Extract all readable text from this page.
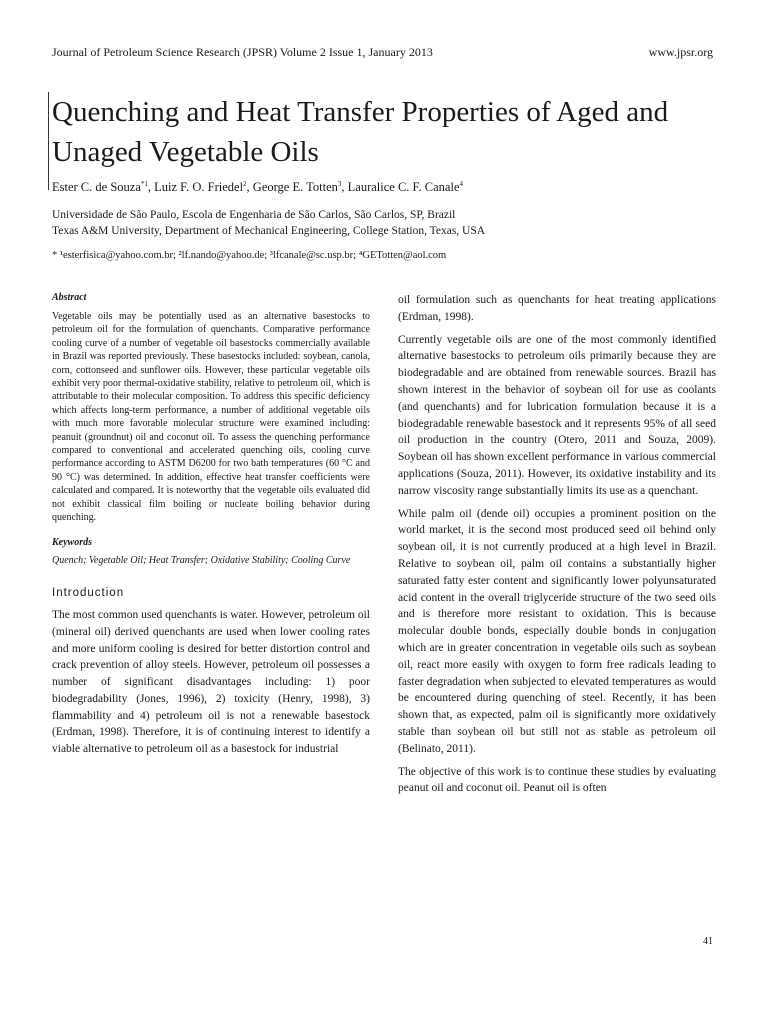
Journal of Petroleum Science Research (JPSR) Volume 2 Issue 1, January 2013	www.jpsr.org
Quenching and Heat Transfer Properties of Aged and Unaged Vegetable Oils
Ester C. de Souza$^{*1}$, Luiz F. O. Friedel$^2$, George E. Totten$^3$, Lauralice C. F. Canale$^4$
Universidade de São Paulo, Escola de Engenharia de São Carlos, São Carlos, SP, Brazil
Texas A&M University, Department of Mechanical Engineering, College Station, Texas, USA
* ¹esterfisica@yahoo.com.br; ²lf.nando@yahoo.de; ³lfcanale@sc.usp.br; ⁴GETotten@aol.com
Abstract

Vegetable oils may be potentially used as an alternative basestocks to petroleum oil for the formulation of quenchants. Comparative performance cooling curve of a number of vegetable oil basestocks commercially available in Brazil was reported previously. These basestocks included: soybean, canola, corn, cottonseed and sunflower oils. However, these particular vegetable oils exhibit very poor thermal-oxidative stability, relative to petroleum oil, which is attributable to their molecular composition. To address this specific deficiency which affects long-term performance, a number of additional vegetable oils with much more favorable molecular structure were examined including: peanuit (groundnut) oil and coconut oil. To assess the quenching performance compared to conventional and accelerated quenching oils, cooling curve performance according to ASTM D6200 for two bath temperatures (60 °C and 90 °C) was determined. In addition, effective heat transfer coefficients were calculated and compared. It is noteworthy that the vegetable oils evaluated did not exhibit classical film boiling or nucleate boiling behavior during quenching.

Keywords

Quench; Vegetable Oil; Heat Transfer; Oxidative Stability; Cooling Curve

Introduction

The most common used quenchants is water. However, petroleum oil (mineral oil) derived quenchants are used when lower cooling rates and more uniform cooling is desired for better distortion control and crack prevention of alloy steels. However, petroleum oil possesses a number of significant disadvantages including: 1) poor biodegradability (Jones, 1996), 2) toxicity (Henry, 1998), 3) flammability and 4) petroleum oil is not a renewable basestock (Erdman, 1998). Therefore, it is of continuing interest to identify a viable alternative to petroleum oil as a basestock for industrial

oil formulation such as quenchants for heat treating applications (Erdman, 1998).

Currently vegetable oils are one of the most commonly identified alternative basestocks to petroleum oils primarily because they are biodegradable and are obtained from renewable sources. Brazil has shown interest in the behavior of soybean oil for use as coolants (and quenchants) and for lubrication formulation because it is a biodegradable renewable basestock and it represents 95% of all seed oil production in the country (Otero, 2011 and Souza, 2009). Soybean oil has shown excellent performance in various commercial applications (Souza, 2011). However, its oxidative instability and its narrow viscosity range substantially limits its use as a quenchant.

While palm oil (dende oil) occupies a prominent position on the world market, it is the second most produced seed oil behind only soybean oil, it is not currently produced at a high level in Brazil. Relative to soybean oil, palm oil contains a substantially higher saturated fatty ester content and significantly lower polyunsaturated acid content in the overall triglyceride structure of the two seed oils and is therefore more resistant to oxidation. This is because molecular double bonds, especially double bonds in conjugation which are in greater concentration in vegetable oils such as soybean oil, react more easily with oxygen to form free radicals leading to faster degradation when subjected to elevated temperatures as would be encountered during quenching of steel. Recently, it has been shown that, as expected, palm oil is significantly more oxidatively stable than soybean oil but still not as stable as petroleum oil (Belinato, 2011).

The objective of this work is to continue these studies by evaluating peanut oil and coconut oil. Peanut oil is often

41
